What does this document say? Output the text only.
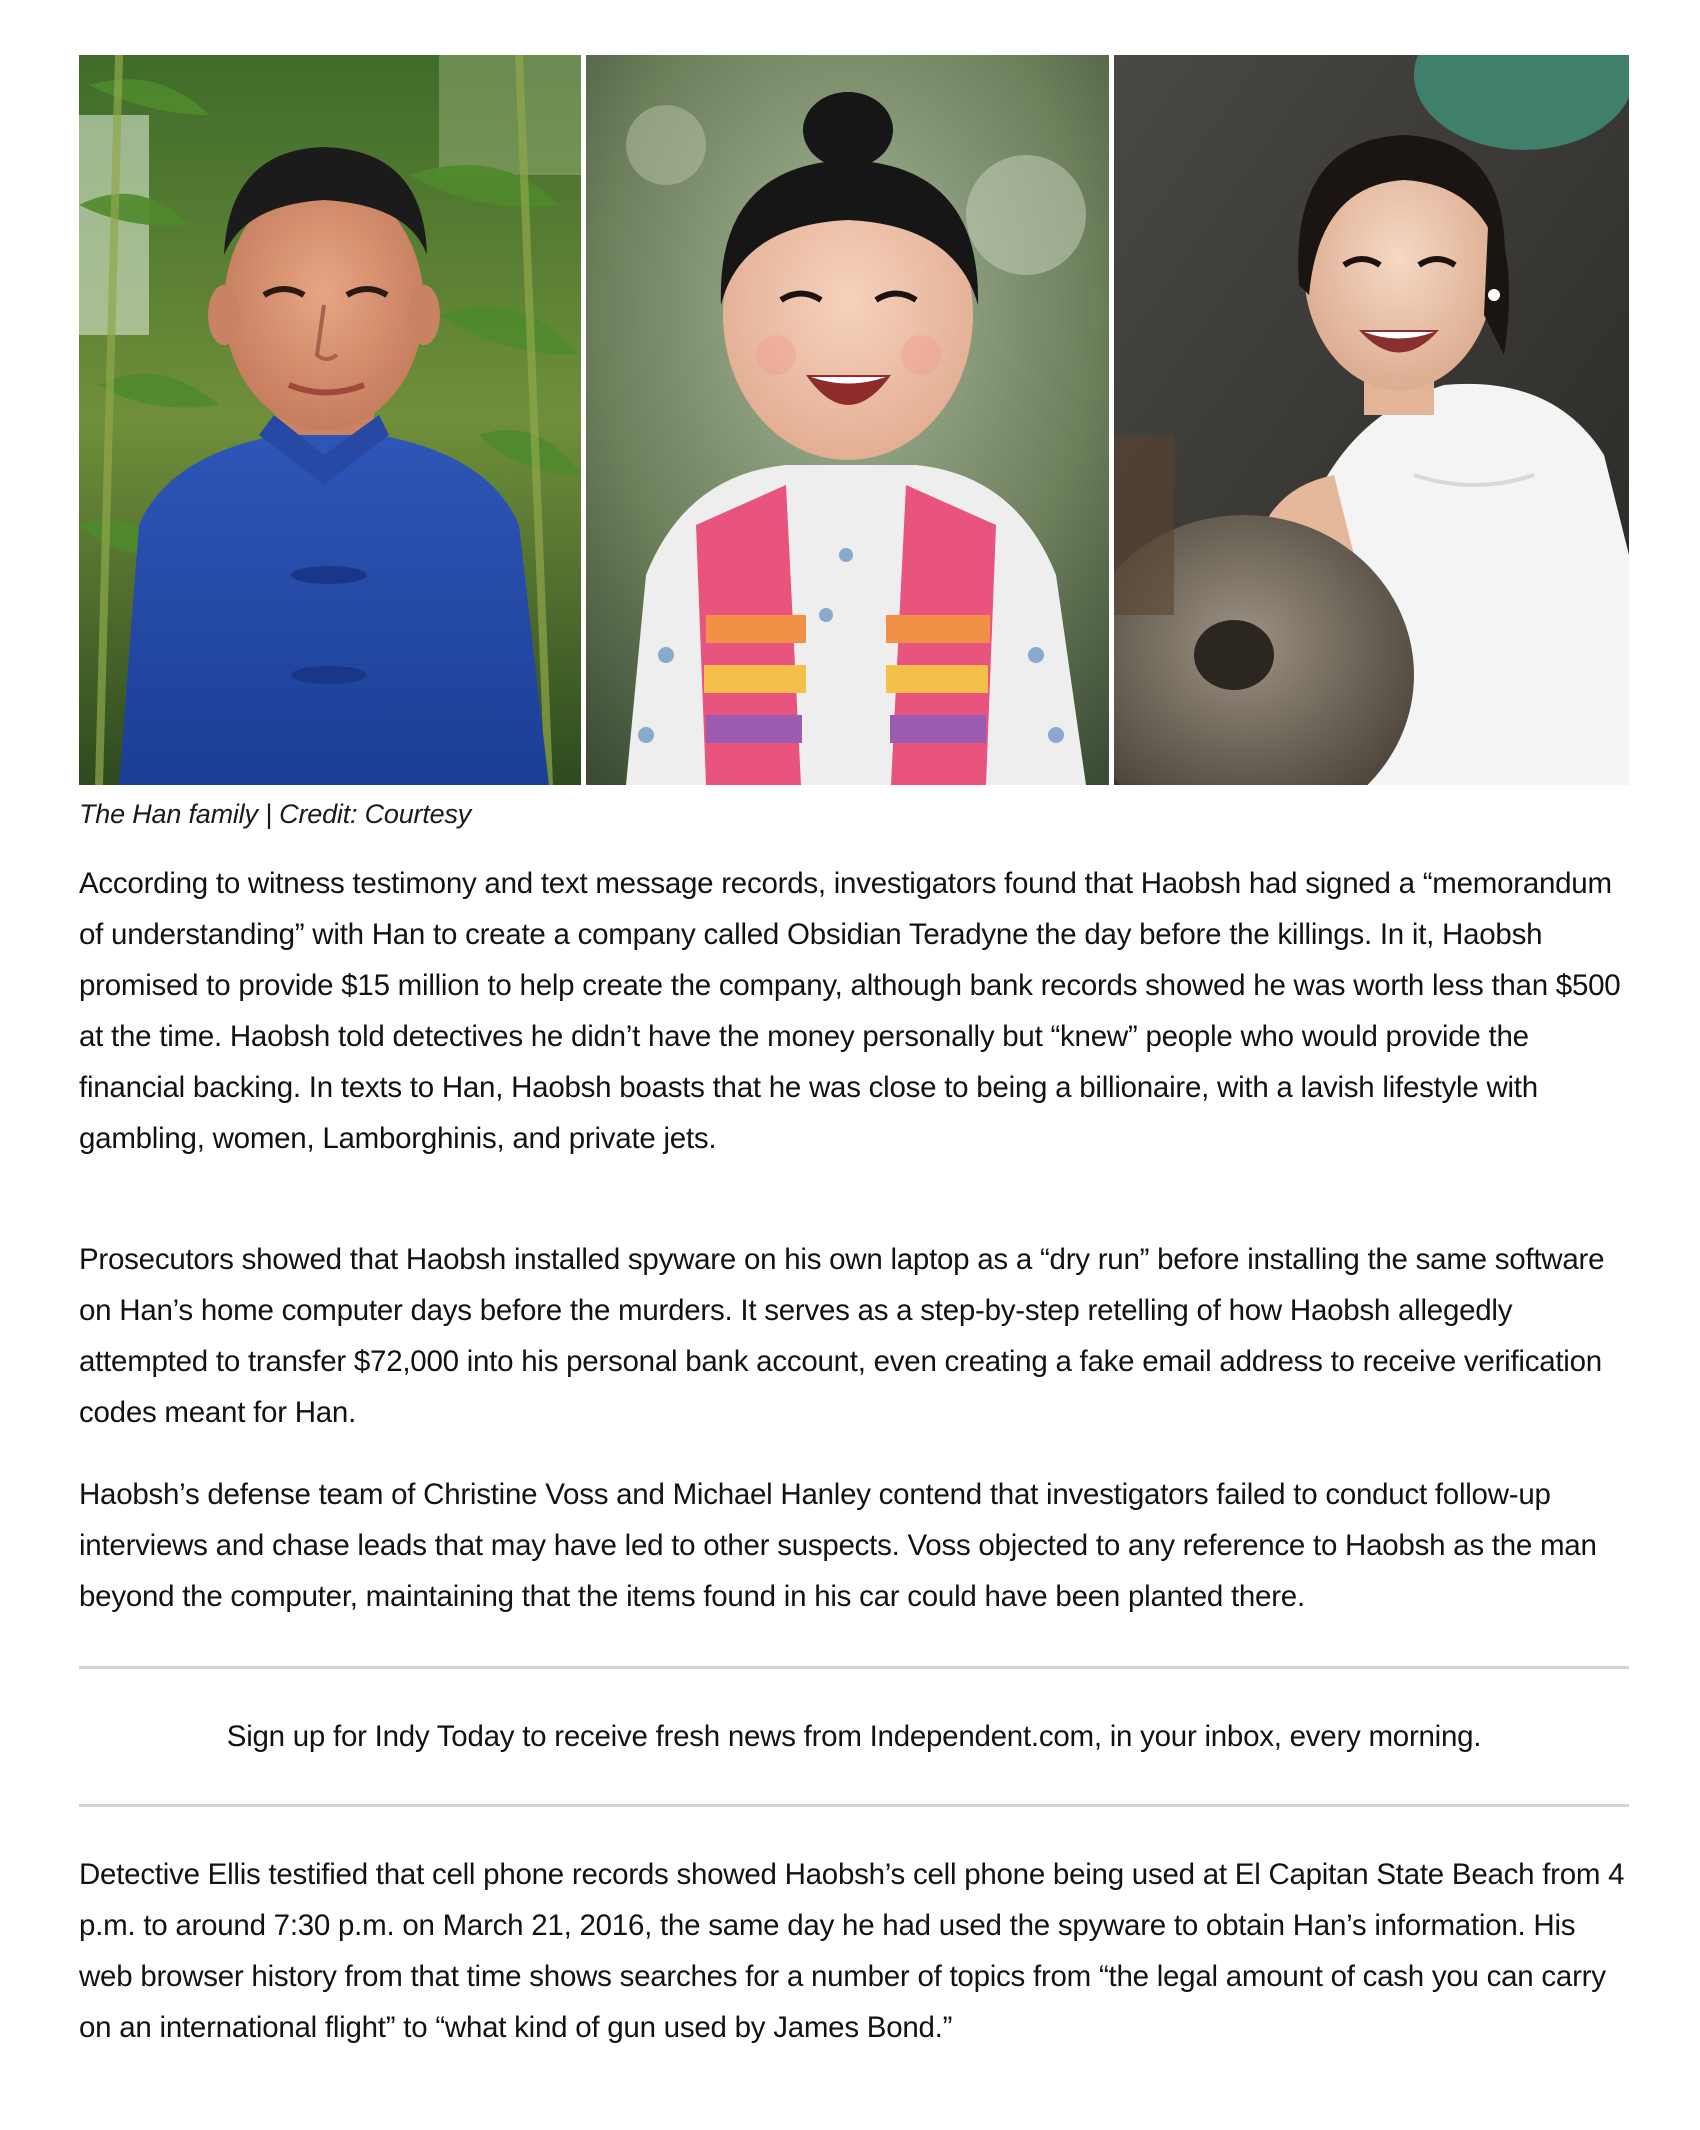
The Han family | Credit: Courtesy

According to witness testimony and text message records, investigators found that Haobsh had signed a “memorandum of understanding” with Han to create a company called Obsidian Teradyne the day before the killings. In it, Haobsh promised to provide $15 million to help create the company, although bank records showed he was worth less than $500 at the time. Haobsh told detectives he didn’t have the money personally but “knew” people who would provide the financial backing. In texts to Han, Haobsh boasts that he was close to being a billionaire, with a lavish lifestyle with gambling, women, Lamborghinis, and private jets.

Prosecutors showed that Haobsh installed spyware on his own laptop as a “dry run” before installing the same software on Han’s home computer days before the murders. It serves as a step-by-step retelling of how Haobsh allegedly attempted to transfer $72,000 into his personal bank account, even creating a fake email address to receive verification codes meant for Han.

Haobsh’s defense team of Christine Voss and Michael Hanley contend that investigators failed to conduct follow-up interviews and chase leads that may have led to other suspects. Voss objected to any reference to Haobsh as the man beyond the computer, maintaining that the items found in his car could have been planted there.

Sign up for Indy Today to receive fresh news from Independent.com, in your inbox, every morning.

Detective Ellis testified that cell phone records showed Haobsh’s cell phone being used at El Capitan State Beach from 4 p.m. to around 7:30 p.m. on March 21, 2016, the same day he had used the spyware to obtain Han’s information. His web browser history from that time shows searches for a number of topics from “the legal amount of cash you can carry on an international flight” to “what kind of gun used by James Bond.”
